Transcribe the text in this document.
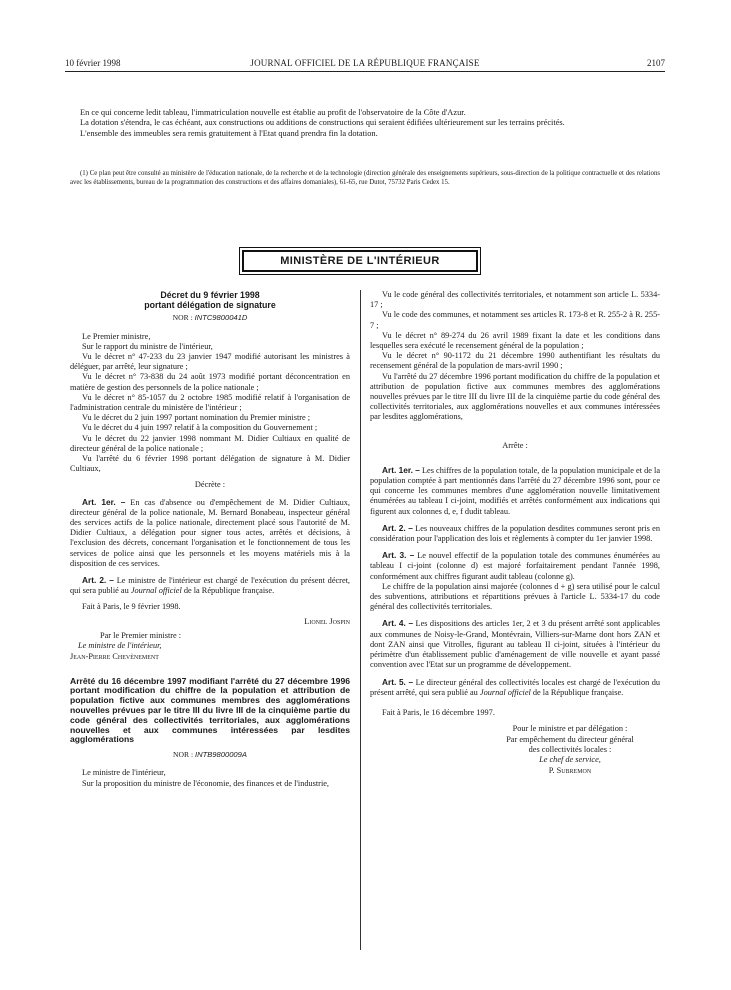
10 février 1998	JOURNAL OFFICIEL DE LA RÉPUBLIQUE FRANÇAISE	2107

En ce qui concerne ledit tableau, l'immatriculation nouvelle est établie au profit de l'observatoire de la Côte d'Azur.

La dotation s'étendra, le cas échéant, aux constructions ou additions de constructions qui seraient édifiées ultérieurement sur les terrains précités.

L'ensemble des immeubles sera remis gratuitement à l'Etat quand prendra fin la dotation.

(1) Ce plan peut être consulté au ministère de l'éducation nationale, de la recherche et de la technologie (direction générale des enseignements supérieurs, sous-direction de la politique contractuelle et des relations avec les établissements, bureau de la programmation des constructions et des affaires domaniales), 61-65, rue Dutot, 75732 Paris Cedex 15.

MINISTÈRE DE L'INTÉRIEUR
Décret du 9 février 1998
portant délégation de signature
NOR : INTC9800041D

Le Premier ministre,

Sur le rapport du ministre de l'intérieur,

Vu le décret n° 47-233 du 23 janvier 1947 modifié autorisant les ministres à déléguer, par arrêté, leur signature ;

Vu le décret n° 73-838 du 24 août 1973 modifié portant déconcentration en matière de gestion des personnels de la police nationale ;

Vu le décret n° 85-1057 du 2 octobre 1985 modifié relatif à l'organisation de l'administration centrale du ministère de l'intérieur ;

Vu le décret du 2 juin 1997 portant nomination du Premier ministre ;

Vu le décret du 4 juin 1997 relatif à la composition du Gouvernement ;

Vu le décret du 22 janvier 1998 nommant M. Didier Cultiaux en qualité de directeur général de la police nationale ;

Vu l'arrêté du 6 février 1998 portant délégation de signature à M. Didier Cultiaux,

Décrète :

Art. 1er. – En cas d'absence ou d'empêchement de M. Didier Cultiaux, directeur général de la police nationale, M. Bernard Bonabeau, inspecteur général des services actifs de la police nationale, directement placé sous l'autorité de M. Didier Cultiaux, a délégation pour signer tous actes, arrêtés et décisions, à l'exclusion des décrets, concernant l'organisation et le fonctionnement de tous les services de police ainsi que les personnels et les moyens matériels mis à la disposition de ces services.

Art. 2. – Le ministre de l'intérieur est chargé de l'exécution du présent décret, qui sera publié au Journal officiel de la République française.

Fait à Paris, le 9 février 1998.

Lionel Jospin
Par le Premier ministre :
Le ministre de l'intérieur,
Jean-Pierre Chevènement
Arrêté du 16 décembre 1997 modifiant l'arrêté du 27 décembre 1996 portant modification du chiffre de la population et attribution de population fictive aux communes membres des agglomérations nouvelles prévues par le titre III du livre III de la cinquième partie du code général des collectivités territoriales, aux agglomérations nouvelles et aux communes intéressées par lesdites agglomérations
NOR : INTB9800009A

Le ministre de l'intérieur,

Sur la proposition du ministre de l'économie, des finances et de l'industrie,

Vu le code général des collectivités territoriales, et notamment son article L. 5334-17 ;

Vu le code des communes, et notamment ses articles R. 173-8 et R. 255-2 à R. 255-7 ;

Vu le décret n° 89-274 du 26 avril 1989 fixant la date et les conditions dans lesquelles sera exécuté le recensement général de la population ;

Vu le décret n° 90-1172 du 21 décembre 1990 authentifiant les résultats du recensement général de la population de mars-avril 1990 ;

Vu l'arrêté du 27 décembre 1996 portant modification du chiffre de la population et attribution de population fictive aux communes membres des agglomérations nouvelles prévues par le titre III du livre III de la cinquième partie du code général des collectivités territoriales, aux agglomérations nouvelles et aux communes intéressées par lesdites agglomérations,

Arrête :

Art. 1er. – Les chiffres de la population totale, de la population municipale et de la population comptée à part mentionnés dans l'arrêté du 27 décembre 1996 sont, pour ce qui concerne les communes membres d'une agglomération nouvelle limitativement énumérées au tableau I ci-joint, modifiés et arrêtés conformément aux indications qui figurent aux colonnes d, e, f dudit tableau.

Art. 2. – Les nouveaux chiffres de la population desdites communes seront pris en considération pour l'application des lois et règlements à compter du 1er janvier 1998.

Art. 3. – Le nouvel effectif de la population totale des communes énumérées au tableau I ci-joint (colonne d) est majoré forfaitairement pendant l'année 1998, conformément aux chiffres figurant audit tableau (colonne g).

Le chiffre de la population ainsi majorée (colonnes d + g) sera utilisé pour le calcul des subventions, attributions et répartitions prévues à l'article L. 5334-17 du code général des collectivités territoriales.

Art. 4. – Les dispositions des articles 1er, 2 et 3 du présent arrêté sont applicables aux communes de Noisy-le-Grand, Montévrain, Villiers-sur-Marne dont hors ZAN et dont ZAN ainsi que Vitrolles, figurant au tableau II ci-joint, situées à l'intérieur du périmètre d'un établissement public d'aménagement de ville nouvelle et ayant passé convention avec l'Etat sur un programme de développement.

Art. 5. – Le directeur général des collectivités locales est chargé de l'exécution du présent arrêté, qui sera publié au Journal officiel de la République française.

Fait à Paris, le 16 décembre 1997.

Pour le ministre et par délégation :
Par empêchement du directeur général
des collectivités locales :
Le chef de service,
P. Subremon
